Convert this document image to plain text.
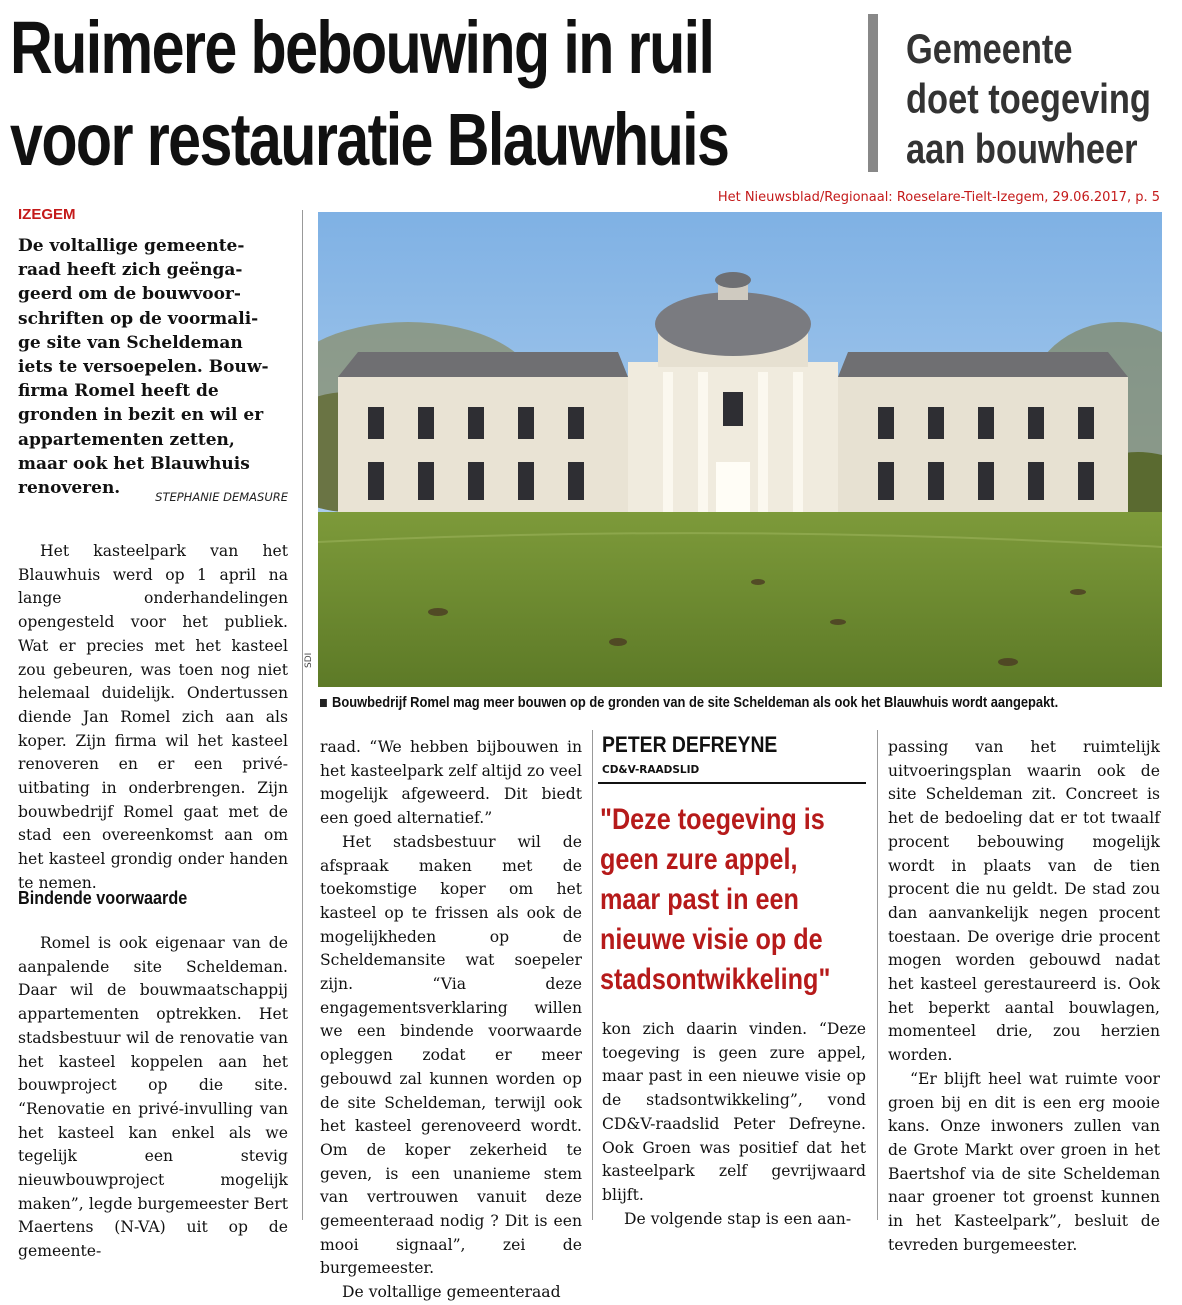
Ruimere bebouwing in ruil
voor restauratie Blauwhuis
Gemeente
doet toegeving
aan bouwheer
Het Nieuwsblad/Regionaal: Roeselare-Tielt-Izegem, 29.06.2017, p. 5
IZEGEM
De voltallige gemeente-
raad heeft zich geënga-
geerd om de bouwvoor-
schriften op de voormali-
ge site van Scheldeman
iets te versoepelen. Bouw-
firma Romel heeft de
gronden in bezit en wil er
appartementen zetten,
maar ook het Blauwhuis
renoveren.	STEPHANIE DEMASURE

Het kasteelpark van het Blauwhuis werd op 1 april na lange onderhandelingen opengesteld voor het publiek. Wat er precies met het kasteel zou gebeuren, was toen nog niet helemaal duidelijk. Ondertussen diende Jan Romel zich aan als koper. Zijn firma wil het kasteel renoveren en er een privé-uitbating in onderbrengen. Zijn bouwbedrijf Romel gaat met de stad een overeenkomst aan om het kasteel grondig onder handen te nemen.

Bindende voorwaarde

Romel is ook eigenaar van de aanpalende site Scheldeman. Daar wil de bouwmaatschappij appartementen optrekken. Het stadsbestuur wil de renovatie van het kasteel koppelen aan het bouwproject op die site. “Renovatie en privé-invulling van het kasteel kan enkel als we tegelijk een stevig nieuwbouwproject mogelijk maken”, legde burgemeester Bert Maertens (N-VA) uit op de gemeente-

SDI
Bouwbedrijf Romel mag meer bouwen op de gronden van de site Scheldeman als ook het Blauwhuis wordt aangepakt.

raad. “We hebben bijbouwen in het kasteelpark zelf altijd zo veel mogelijk afgeweerd. Dit biedt een goed alternatief.”

Het stadsbestuur wil de afspraak maken met de toekomstige koper om het kasteel op te frissen als ook de mogelijkheden op de Scheldemansite wat soepeler zijn. “Via deze engagementsverklaring willen we een bindende voorwaarde opleggen zodat er meer gebouwd zal kunnen worden op de site Scheldeman, terwijl ook het kasteel gerenoveerd wordt. Om de koper zekerheid te geven, is een unanieme stem van vertrouwen vanuit deze gemeenteraad nodig ? Dit is een mooi signaal”, zei de burgemeester.

De voltallige gemeenteraad

PETER DEFREYNE
CD&V-RAADSLID
"Deze toegeving is
geen zure appel,
maar past in een
nieuwe visie op de
stadsontwikkeling"

kon zich daarin vinden. “Deze toegeving is geen zure appel, maar past in een nieuwe visie op de stadsontwikkeling”, vond CD&V-raadslid Peter Defreyne. Ook Groen was positief dat het kasteelpark zelf gevrijwaard blijft.

De volgende stap is een aan-

passing van het ruimtelijk uitvoeringsplan waarin ook de site Scheldeman zit. Concreet is het de bedoeling dat er tot twaalf procent bebouwing mogelijk wordt in plaats van de tien procent die nu geldt. De stad zou dan aanvankelijk negen procent toestaan. De overige drie procent mogen worden gebouwd nadat het kasteel gerestaureerd is. Ook het beperkt aantal bouwlagen, momenteel drie, zou herzien worden.

“Er blijft heel wat ruimte voor groen bij en dit is een erg mooie kans. Onze inwoners zullen van de Grote Markt over groen in het Baertshof via de site Scheldeman naar groener tot groenst kunnen in het Kasteelpark”, besluit de tevreden burgemeester.
